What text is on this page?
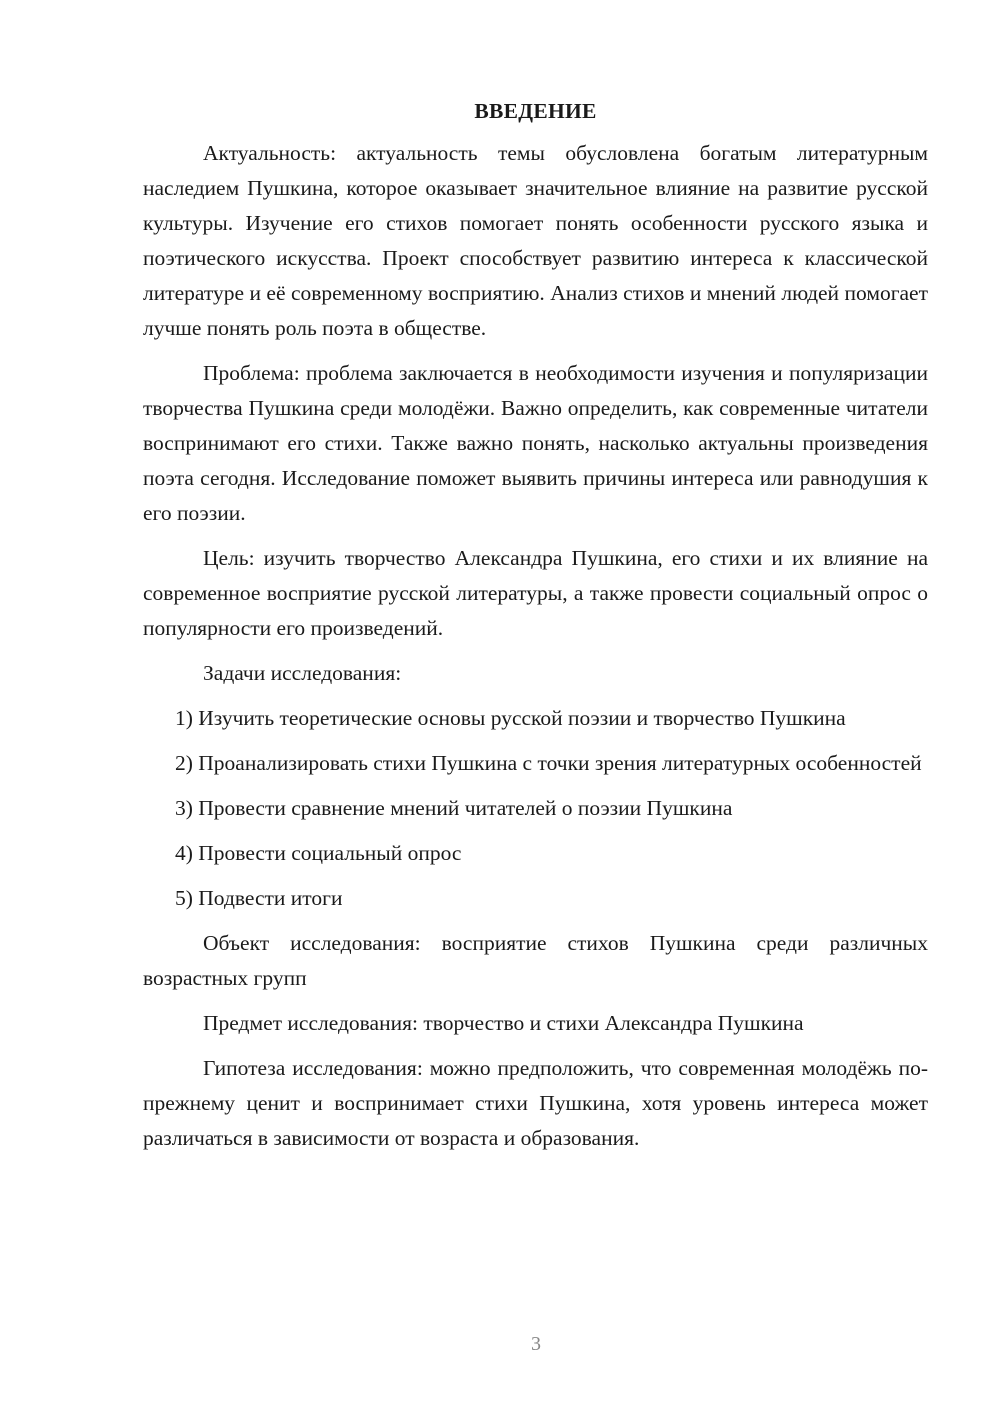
ВВЕДЕНИЕ

Актуальность: актуальность темы обусловлена богатым литературным наследием Пушкина, которое оказывает значительное влияние на развитие русской культуры. Изучение его стихов помогает понять особенности русского языка и поэтического искусства. Проект способствует развитию интереса к классической литературе и её современному восприятию. Анализ стихов и мнений людей помогает лучше понять роль поэта в обществе.

Проблема: проблема заключается в необходимости изучения и популяризации творчества Пушкина среди молодёжи. Важно определить, как современные читатели воспринимают его стихи. Также важно понять, насколько актуальны произведения поэта сегодня. Исследование поможет выявить причины интереса или равнодушия к его поэзии.

Цель: изучить творчество Александра Пушкина, его стихи и их влияние на современное восприятие русской литературы, а также провести социальный опрос о популярности его произведений.

Задачи исследования:

1) Изучить теоретические основы русской поэзии и творчество Пушкина

2) Проанализировать стихи Пушкина с точки зрения литературных особенностей

3) Провести сравнение мнений читателей о поэзии Пушкина

4) Провести социальный опрос

5) Подвести итоги

Объект исследования: восприятие стихов Пушкина среди различных возрастных групп

Предмет исследования: творчество и стихи Александра Пушкина

Гипотеза исследования: можно предположить, что современная молодёжь по-прежнему ценит и воспринимает стихи Пушкина, хотя уровень интереса может различаться в зависимости от возраста и образования.

3
